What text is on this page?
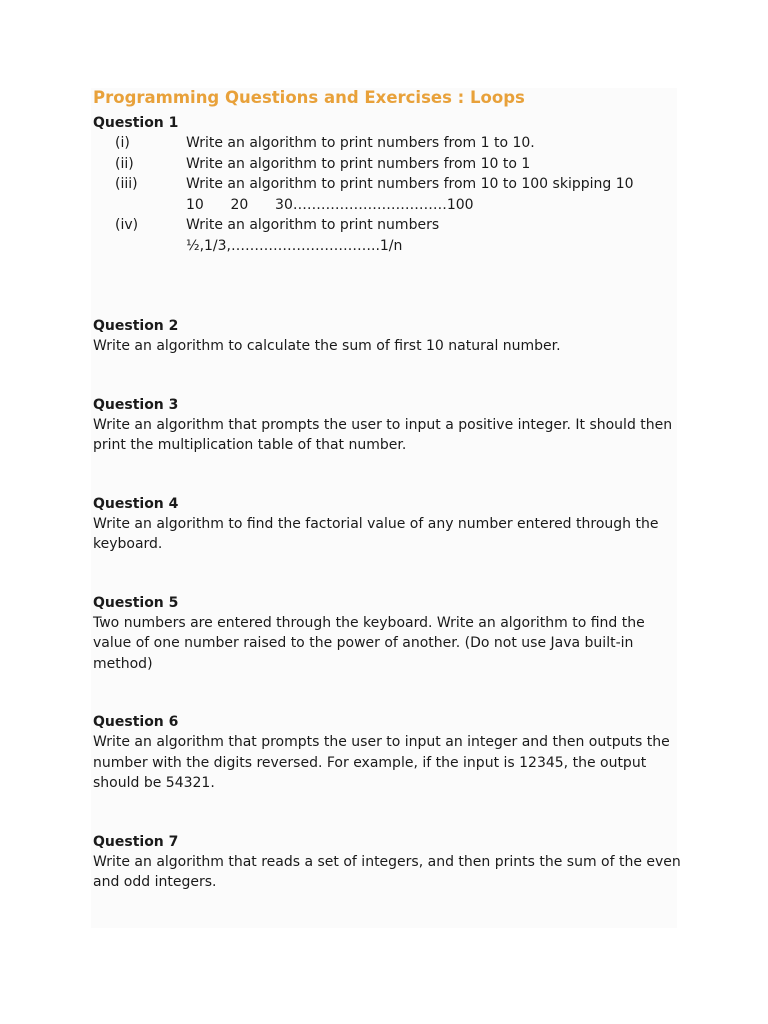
Programming Questions and Exercises : Loops

Question 1

(i)	Write an algorithm to print numbers from 1 to 10.
(ii)	Write an algorithm to print numbers from 10 to 1
(iii)	Write an algorithm to print numbers from 10 to 100 skipping 10
10      20      30……………………………100
(iv)	Write an algorithm to print numbers
½,1/3,…………………………..1/n

Question 2

Write an algorithm to calculate the sum of first 10 natural number.

Question 3

Write an algorithm that prompts the user to input a positive integer. It should then print the multiplication table of that number.

Question 4

Write an algorithm to find the factorial value of any number entered through the keyboard.

Question 5

Two numbers are entered through the keyboard. Write an algorithm to find the value of one number raised to the power of another. (Do not use Java built-in method)

Question 6

Write an algorithm that prompts the user to input an integer and then outputs the number with the digits reversed. For example, if the input is 12345, the output should be 54321.

Question 7

Write an algorithm that reads a set of integers, and then prints the sum of the even and odd integers.
